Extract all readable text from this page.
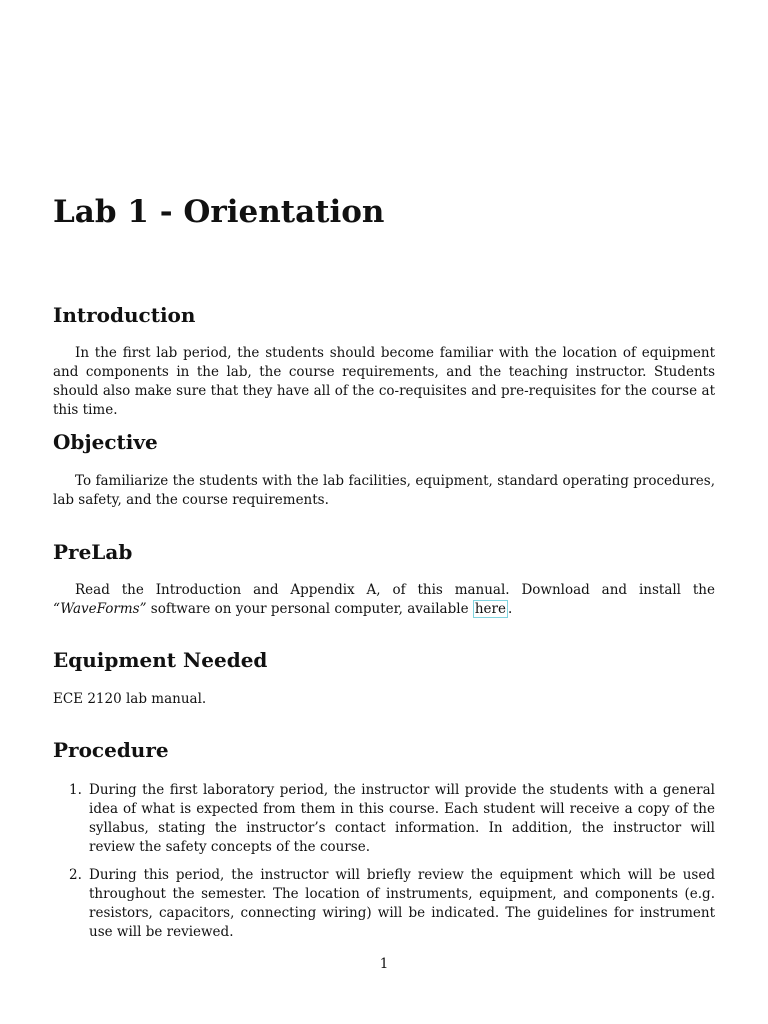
Lab 1 - Orientation
Introduction

In the first lab period, the students should become familiar with the location of equipment and components in the lab, the course requirements, and the teaching instructor. Students should also make sure that they have all of the co-requisites and pre-requisites for the course at this time.

Objective

To familiarize the students with the lab facilities, equipment, standard operating procedures, lab safety, and the course requirements.

PreLab

Read the Introduction and Appendix A, of this manual. Download and install the “WaveForms” software on your personal computer, available here .

Equipment Needed

ECE 2120 lab manual.

Procedure
1. During the first laboratory period, the instructor will provide the students with a general idea of what is expected from them in this course. Each student will receive a copy of the syllabus, stating the instructor’s contact information. In addition, the instructor will review the safety concepts of the course.
2. During this period, the instructor will briefly review the equipment which will be used throughout the semester. The location of instruments, equipment, and components (e.g. resistors, capacitors, connecting wiring) will be indicated. The guidelines for instrument use will be reviewed.
1
